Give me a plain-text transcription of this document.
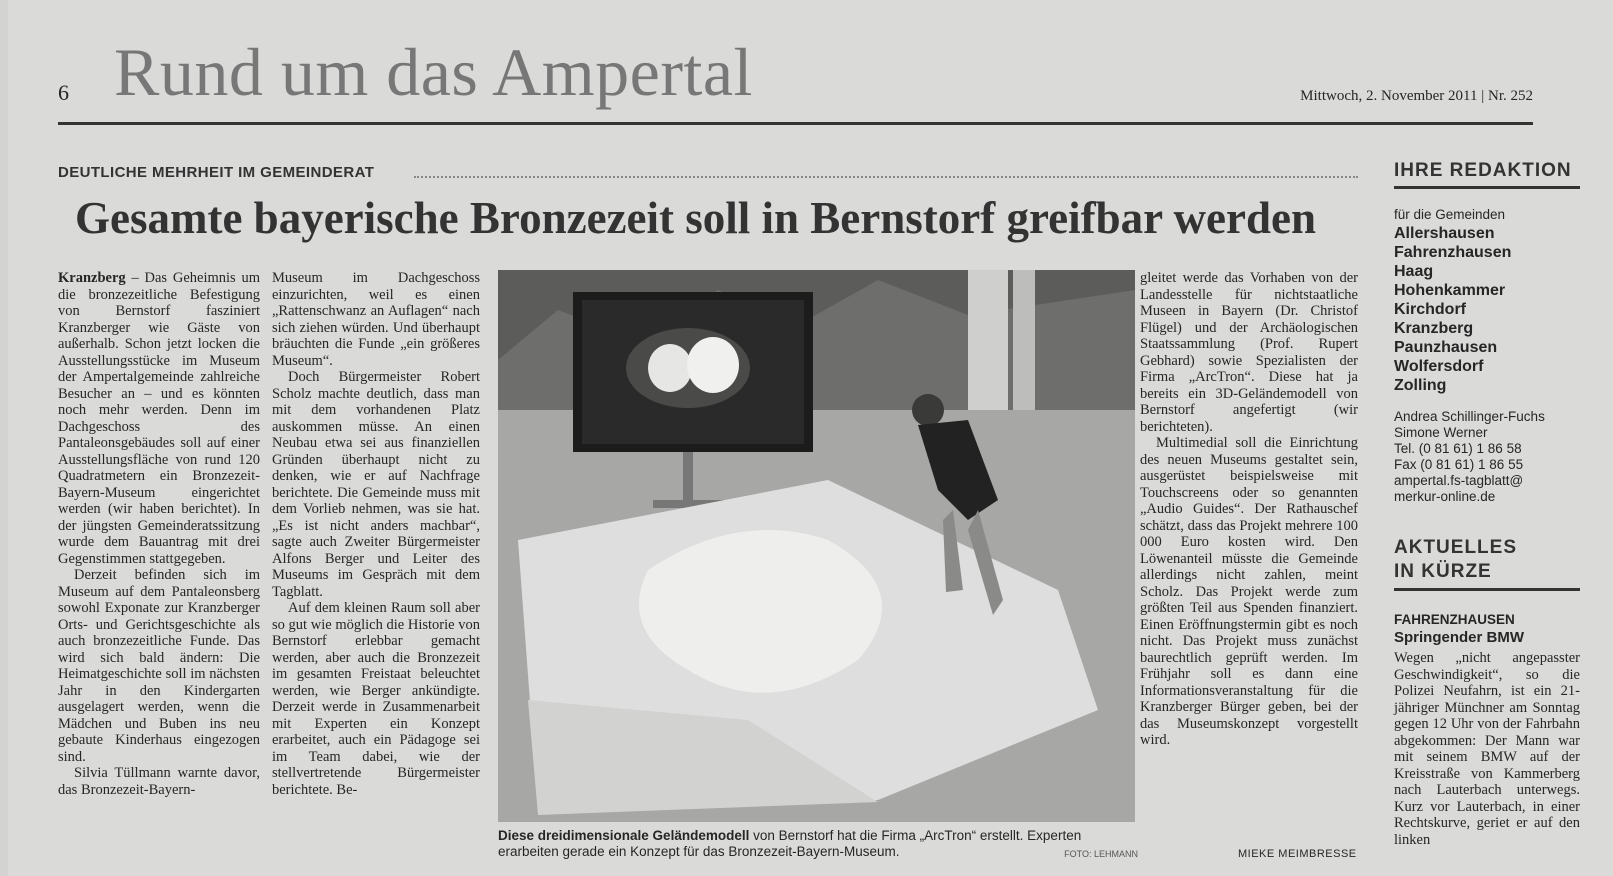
6 Rund um das Ampertal	Mittwoch, 2. November 2011 | Nr. 252
DEUTLICHE MEHRHEIT IM GEMEINDERAT
Gesamte bayerische Bronzezeit soll in Bernstorf greifbar werden

Kranzberg – Das Geheimnis um die bronzezeitliche Befestigung von Bernstorf fasziniert Kranzberger wie Gäste von außerhalb. Schon jetzt locken die Ausstellungsstücke im Museum der Ampertalgemeinde zahlreiche Besucher an – und es könnten noch mehr werden. Denn im Dachgeschoss des Pantaleonsgebäudes soll auf einer Ausstellungsfläche von rund 120 Quadratmetern ein Bronzezeit-Bayern-Museum eingerichtet werden (wir haben berichtet). In der jüngsten Gemeinderatssitzung wurde dem Bauantrag mit drei Gegenstimmen stattgegeben.

Derzeit befinden sich im Museum auf dem Pantaleonsberg sowohl Exponate zur Kranzberger Orts- und Gerichtsgeschichte als auch bronzezeitliche Funde. Das wird sich bald ändern: Die Heimatgeschichte soll im nächsten Jahr in den Kindergarten ausgelagert werden, wenn die Mädchen und Buben ins neu gebaute Kinderhaus eingezogen sind.

Silvia Tüllmann warnte davor, das Bronzezeit-Bayern-

Museum im Dachgeschoss einzurichten, weil es einen „Rattenschwanz an Auflagen“ nach sich ziehen würden. Und überhaupt bräuchten die Funde „ein größeres Museum“.

Doch Bürgermeister Robert Scholz machte deutlich, dass man mit dem vorhandenen Platz auskommen müsse. An einen Neubau etwa sei aus finanziellen Gründen überhaupt nicht zu denken, wie er auf Nachfrage berichtete. Die Gemeinde muss mit dem Vorlieb nehmen, was sie hat. „Es ist nicht anders machbar“, sagte auch Zweiter Bürgermeister Alfons Berger und Leiter des Museums im Gespräch mit dem Tagblatt.

Auf dem kleinen Raum soll aber so gut wie möglich die Historie von Bernstorf erlebbar gemacht werden, aber auch die Bronzezeit im gesamten Freistaat beleuchtet werden, wie Berger ankündigte. Derzeit werde in Zusammenarbeit mit Experten ein Konzept erarbeitet, auch ein Pädagoge sei im Team dabei, wie der stellvertretende Bürgermeister berichtete. Be-

Diese dreidimensionale Geländemodell von Bernstorf hat die Firma „ArcTron“ erstellt. Experten erarbeiten gerade ein Konzept für das Bronzezeit-Bayern-Museum.	FOTO: LEHMANN

gleitet werde das Vorhaben von der Landesstelle für nichtstaatliche Museen in Bayern (Dr. Christof Flügel) und der Archäologischen Staatssammlung (Prof. Rupert Gebhard) sowie Spezialisten der Firma „ArcTron“. Diese hat ja bereits ein 3D-Geländemodell von Bernstorf angefertigt (wir berichteten).

Multimedial soll die Einrichtung des neuen Museums gestaltet sein, ausgerüstet beispielsweise mit Touchscreens oder so genannten „Audio Guides“. Der Rathauschef schätzt, dass das Projekt mehrere 100 000 Euro kosten wird. Den Löwenanteil müsste die Gemeinde allerdings nicht zahlen, meint Scholz. Das Projekt werde zum größten Teil aus Spenden finanziert. Einen Eröffnungstermin gibt es noch nicht. Das Projekt muss zunächst baurechtlich geprüft werden. Im Frühjahr soll es dann eine Informationsveranstaltung für die Kranzberger Bürger geben, bei der das Museumskonzept vorgestellt wird.

MIEKE MEIMBRESSE
IHRE REDAKTION
für die Gemeinden
Allershausen
Fahrenzhausen
Haag
Hohenkammer
Kirchdorf
Kranzberg
Paunzhausen
Wolfersdorf
Zolling
Andrea Schillinger-Fuchs
Simone Werner
Tel. (0 81 61) 1 86 58
Fax (0 81 61) 1 86 55
ampertal.fs-tagblatt@
merkur-online.de
AKTUELLES
IN KÜRZE
FAHRENZHAUSEN
Springender BMW
Wegen „nicht angepasster Geschwindigkeit“, so die Polizei Neufahrn, ist ein 21-jähriger Münchner am Sonntag gegen 12 Uhr von der Fahrbahn abgekommen: Der Mann war mit seinem BMW auf der Kreisstraße von Kammerberg nach Lauterbach unterwegs. Kurz vor Lauterbach, in einer Rechtskurve, geriet er auf den linken
